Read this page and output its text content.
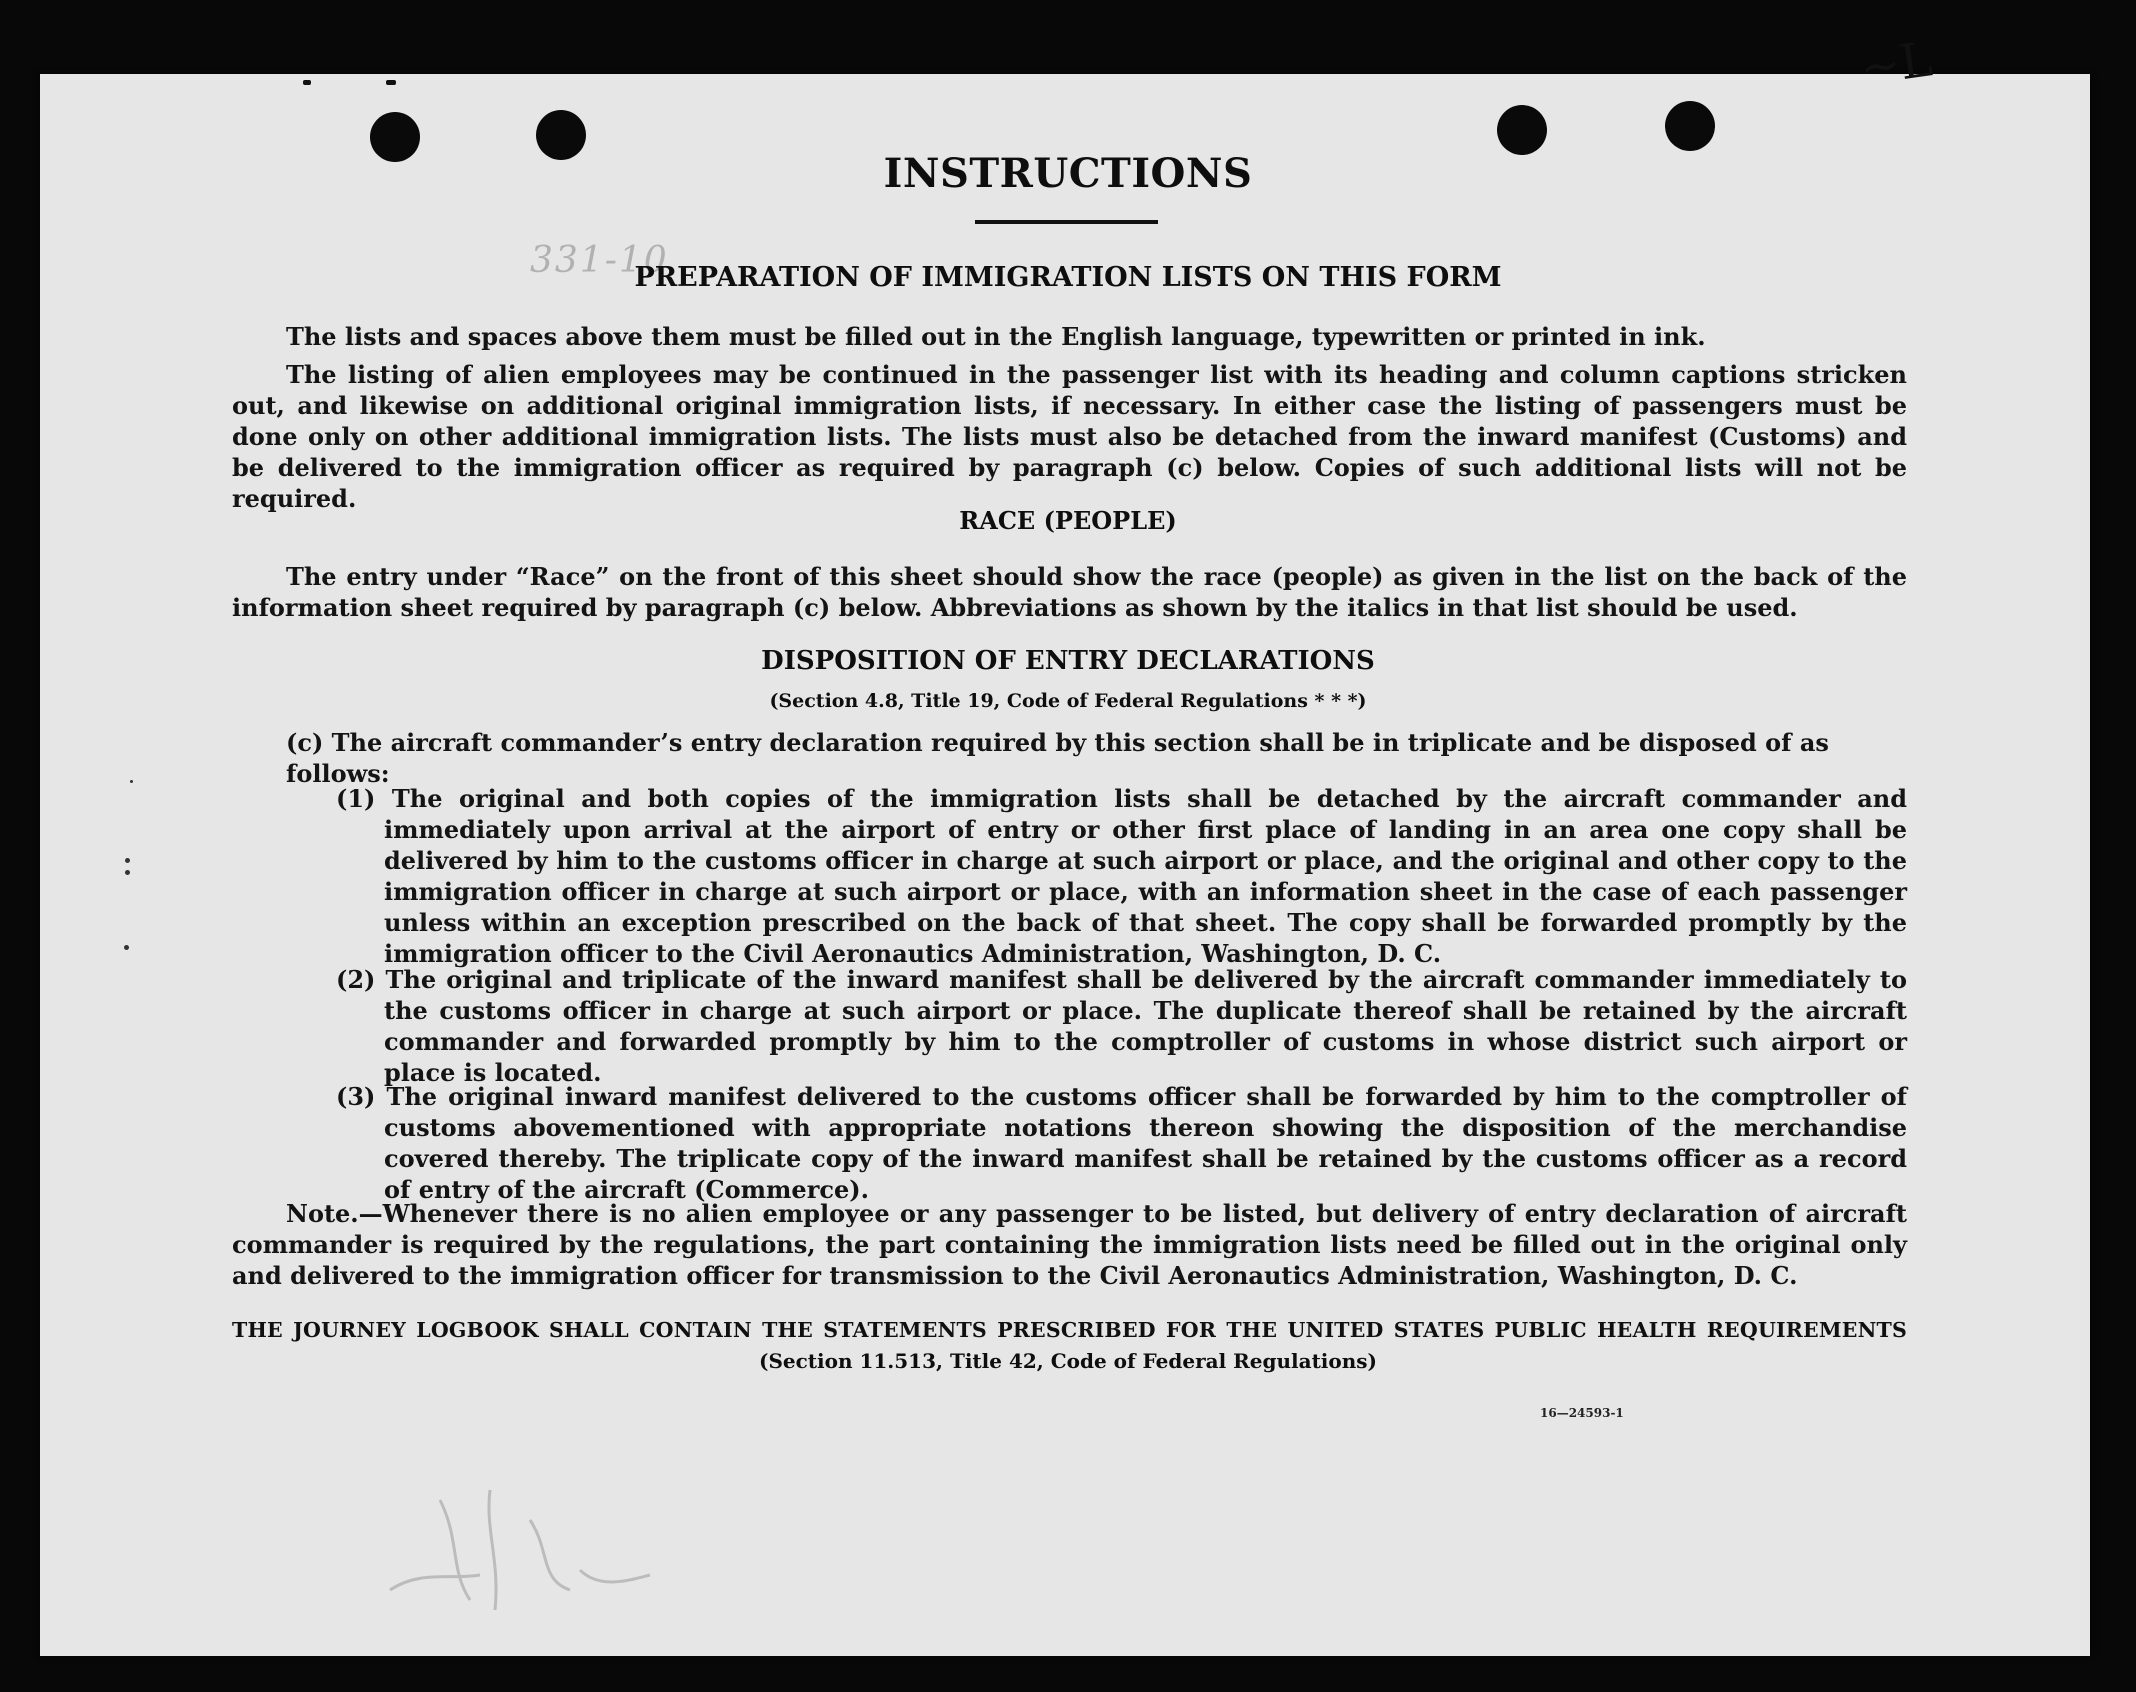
~L
331-10
INSTRUCTIONS
PREPARATION OF IMMIGRATION LISTS ON THIS FORM
The lists and spaces above them must be filled out in the English language, typewritten or printed in ink.
The listing of alien employees may be continued in the passenger list with its heading and column captions stricken out, and likewise on additional original immigration lists, if necessary. In either case the listing of passengers must be done only on other additional immigration lists. The lists must also be detached from the inward manifest (Customs) and be delivered to the immigration officer as required by paragraph (c) below. Copies of such additional lists will not be required.
RACE (PEOPLE)
The entry under “Race” on the front of this sheet should show the race (people) as given in the list on the back of the information sheet required by paragraph (c) below. Abbreviations as shown by the italics in that list should be used.
DISPOSITION OF ENTRY DECLARATIONS
(Section 4.8, Title 19, Code of Federal Regulations * * *)
(c) The aircraft commander’s entry declaration required by this section shall be in triplicate and be disposed of as follows:
(1) The original and both copies of the immigration lists shall be detached by the aircraft commander and immediately upon arrival at the airport of entry or other first place of landing in an area one copy shall be delivered by him to the customs officer in charge at such airport or place, and the original and other copy to the immigration officer in charge at such airport or place, with an information sheet in the case of each passenger unless within an exception prescribed on the back of that sheet. The copy shall be forwarded promptly by the immigration officer to the Civil Aeronautics Administration, Washington, D. C.
(2) The original and triplicate of the inward manifest shall be delivered by the aircraft commander immediately to the customs officer in charge at such airport or place. The duplicate thereof shall be retained by the aircraft commander and forwarded promptly by him to the comptroller of customs in whose district such airport or place is located.
(3) The original inward manifest delivered to the customs officer shall be forwarded by him to the comptroller of customs abovementioned with appropriate notations thereon showing the disposition of the merchandise covered thereby. The triplicate copy of the inward manifest shall be retained by the customs officer as a record of entry of the aircraft (Commerce).
Note.—Whenever there is no alien employee or any passenger to be listed, but delivery of entry declaration of aircraft commander is required by the regulations, the part containing the immigration lists need be filled out in the original only and delivered to the immigration officer for transmission to the Civil Aeronautics Administration, Washington, D. C.
THE JOURNEY LOGBOOK SHALL CONTAIN THE STATEMENTS PRESCRIBED FOR THE UNITED STATES PUBLIC HEALTH REQUIREMENTS
(Section 11.513, Title 42, Code of Federal Regulations)
16—24593-1
